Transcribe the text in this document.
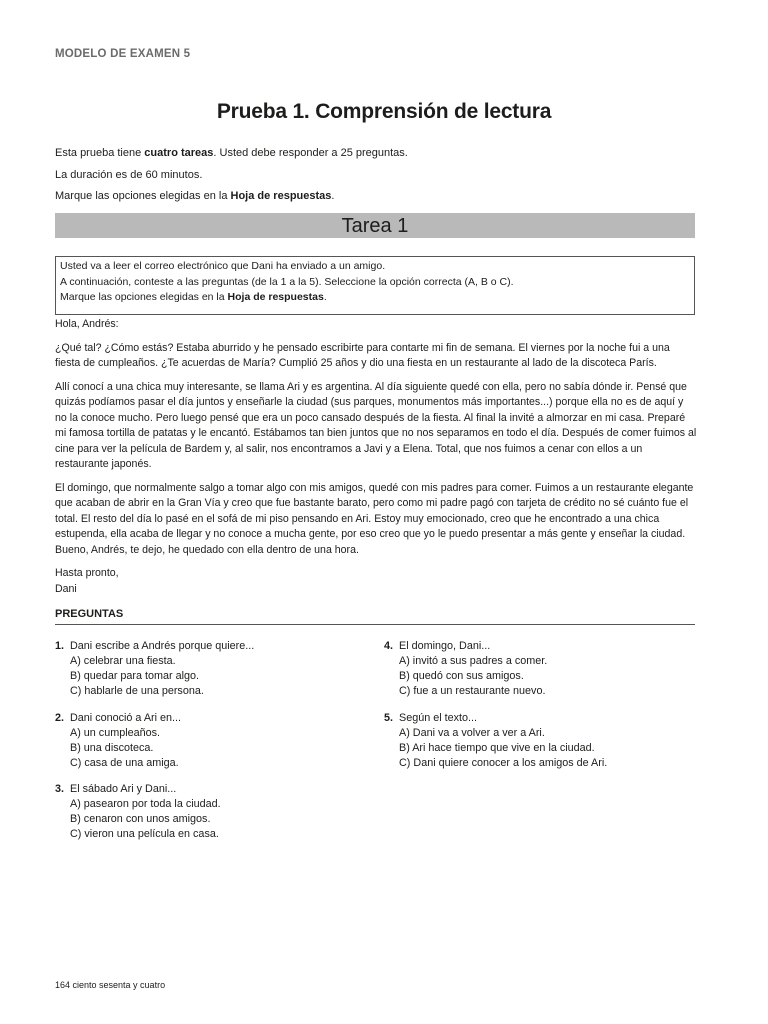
MODELO DE EXAMEN 5
Prueba 1. Comprensión de lectura

Esta prueba tiene cuatro tareas. Usted debe responder a 25 preguntas.

La duración es de 60 minutos.

Marque las opciones elegidas en la Hoja de respuestas.

Tarea 1
Usted va a leer el correo electrónico que Dani ha enviado a un amigo.
A continuación, conteste a las preguntas (de la 1 a la 5). Seleccione la opción correcta (A, B o C).
Marque las opciones elegidas en la Hoja de respuestas.

Hola, Andrés:

¿Qué tal? ¿Cómo estás? Estaba aburrido y he pensado escribirte para contarte mi fin de semana. El viernes por la noche fui a una fiesta de cumpleaños. ¿Te acuerdas de María? Cumplió 25 años y dio una fiesta en un restaurante al lado de la discoteca París.

Allí conocí a una chica muy interesante, se llama Ari y es argentina. Al día siguiente quedé con ella, pero no sabía dónde ir. Pensé que quizás podíamos pasar el día juntos y enseñarle la ciudad (sus parques, monumentos más importantes...) porque ella no es de aquí y no la conoce mucho. Pero luego pensé que era un poco cansado después de la fiesta. Al final la invité a almorzar en mi casa. Preparé mi famosa tortilla de patatas y le encantó. Estábamos tan bien juntos que no nos separamos en todo el día. Después de comer fuimos al cine para ver la película de Bardem y, al salir, nos encontramos a Javi y a Elena. Total, que nos fuimos a cenar con ellos a un restaurante japonés.

El domingo, que normalmente salgo a tomar algo con mis amigos, quedé con mis padres para comer. Fuimos a un restaurante elegante que acaban de abrir en la Gran Vía y creo que fue bastante barato, pero como mi padre pagó con tarjeta de crédito no sé cuánto fue el total. El resto del día lo pasé en el sofá de mi piso pensando en Ari. Estoy muy emocionado, creo que he encontrado a una chica estupenda, ella acaba de llegar y no conoce a mucha gente, por eso creo que yo le puedo presentar a más gente y enseñar la ciudad. Bueno, Andrés, te dejo, he quedado con ella dentro de una hora.

Hasta pronto,
Dani

PREGUNTAS
1. Dani escribe a Andrés porque quiere...
A) celebrar una fiesta.
B) quedar para tomar algo.
C) hablarle de una persona.
2. Dani conoció a Ari en...
A) un cumpleaños.
B) una discoteca.
C) casa de una amiga.
3. El sábado Ari y Dani...
A) pasearon por toda la ciudad.
B) cenaron con unos amigos.
C) vieron una película en casa.
4. El domingo, Dani...
A) invitó a sus padres a comer.
B) quedó con sus amigos.
C) fue a un restaurante nuevo.
5. Según el texto...
A) Dani va a volver a ver a Ari.
B) Ari hace tiempo que vive en la ciudad.
C) Dani quiere conocer a los amigos de Ari.
164 ciento sesenta y cuatro
